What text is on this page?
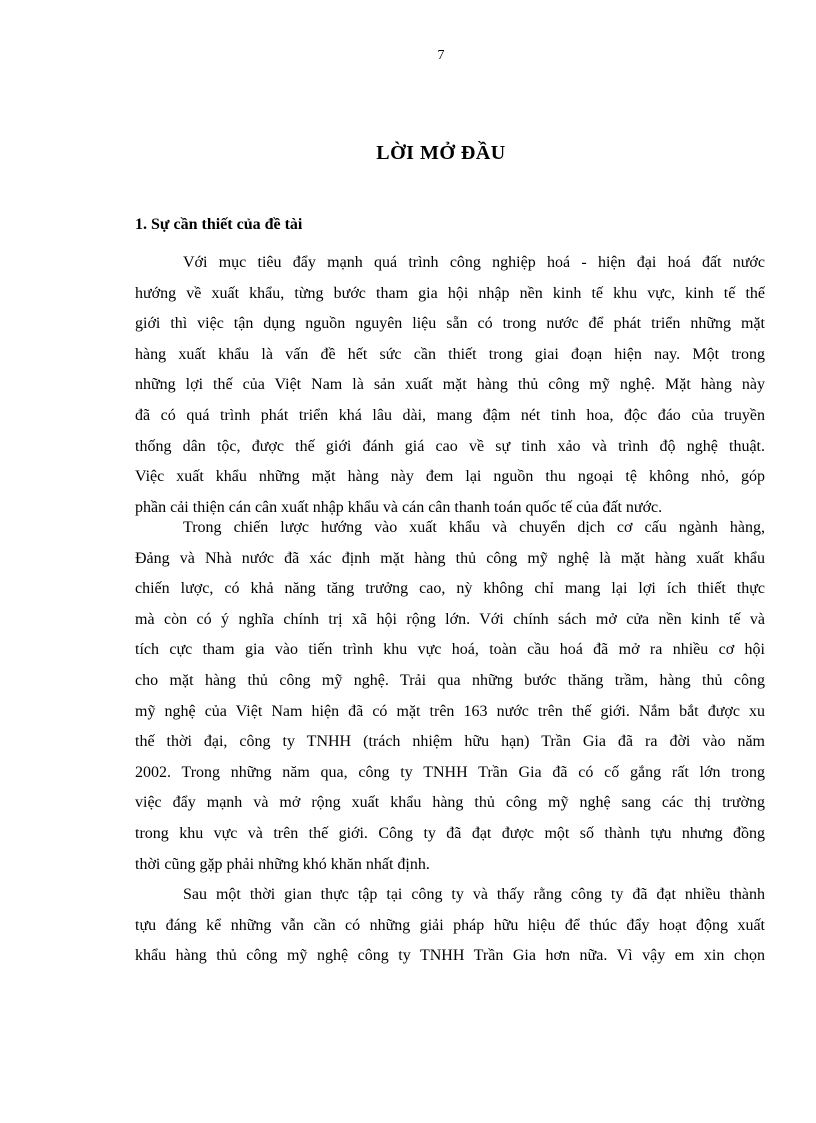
7
LỜI MỞ ĐẦU
1. Sự cần thiết của đề tài
Với mục tiêu đẩy mạnh quá trình công nghiệp hoá - hiện đại hoá đất nước
hướng về xuất khẩu, từng bước tham gia hội nhập nền kinh tế khu vực, kinh tế thế
giới thì việc tận dụng nguồn nguyên liệu sẵn có trong nước để phát triển những mặt
hàng xuất khẩu là vấn đề hết sức cần thiết trong giai đoạn hiện nay. Một trong
những lợi thế của Việt Nam là sản xuất mặt hàng thủ công mỹ nghệ. Mặt hàng này
đã có quá trình phát triển khá lâu dài, mang đậm nét tinh hoa, độc đáo của truyền
thống dân tộc, được thế giới đánh giá cao về sự tinh xảo và trình độ nghệ thuật.
Việc xuất khẩu những mặt hàng này đem lại nguồn thu ngoại tệ không nhỏ, góp
phần cải thiện cán cân xuất nhập khẩu và cán cân thanh toán quốc tế của đất nước.
Trong chiến lược hướng vào xuất khẩu và chuyển dịch cơ cấu ngành hàng,
Đảng và Nhà nước đã xác định mặt hàng thủ công mỹ nghệ là mặt hàng xuất khẩu
chiến lược, có khả năng tăng trưởng cao, nỳ không chỉ mang lại lợi ích thiết thực
mà còn có ý nghĩa chính trị xã hội rộng lớn. Với chính sách mở cửa nền kinh tế và
tích cực tham gia vào tiến trình khu vực hoá, toàn cầu hoá đã mở ra nhiều cơ hội
cho mặt hàng thủ công mỹ nghệ. Trải qua những bước thăng trầm, hàng thủ công
mỹ nghệ của Việt Nam hiện đã có mặt trên 163 nước trên thế giới. Nắm bắt được xu
thế thời đại, công ty TNHH (trách nhiệm hữu hạn) Trần Gia đã ra đời vào năm
2002. Trong những năm qua, công ty TNHH Trần Gia đã có cố gắng rất lớn trong
việc đẩy mạnh và mở rộng xuất khẩu hàng thủ công mỹ nghệ sang các thị trường
trong khu vực và trên thế giới. Công ty đã đạt được một số thành tựu nhưng đồng
thời cũng gặp phải những khó khăn nhất định.
Sau một thời gian thực tập tại công ty và thấy rằng công ty đã đạt nhiều thành
tựu đáng kể những vẫn cần có những giải pháp hữu hiệu để thúc đẩy hoạt động xuất
khẩu hàng thủ công mỹ nghệ công ty TNHH Trần Gia hơn nữa. Vì vậy em xin chọn
